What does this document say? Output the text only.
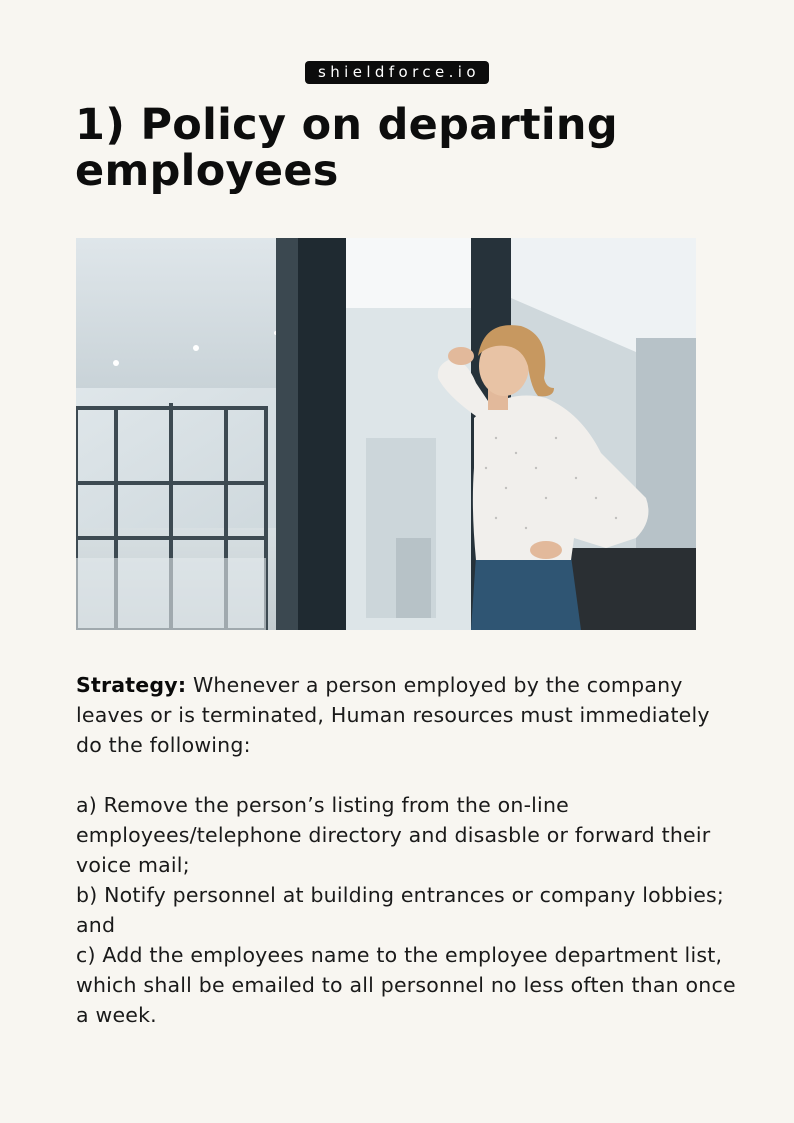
shieldforce.io
1) Policy on departing employees

Strategy: Whenever a person employed by the company leaves or is terminated, Human resources must immediately do the following:

a) Remove the person’s listing from the on-line employees/telephone directory and disasble or forward their voice mail;

b) Notify personnel at building entrances or company lobbies; and

c) Add the employees name to the employee department list, which shall be emailed to all personnel no less often than once a week.
